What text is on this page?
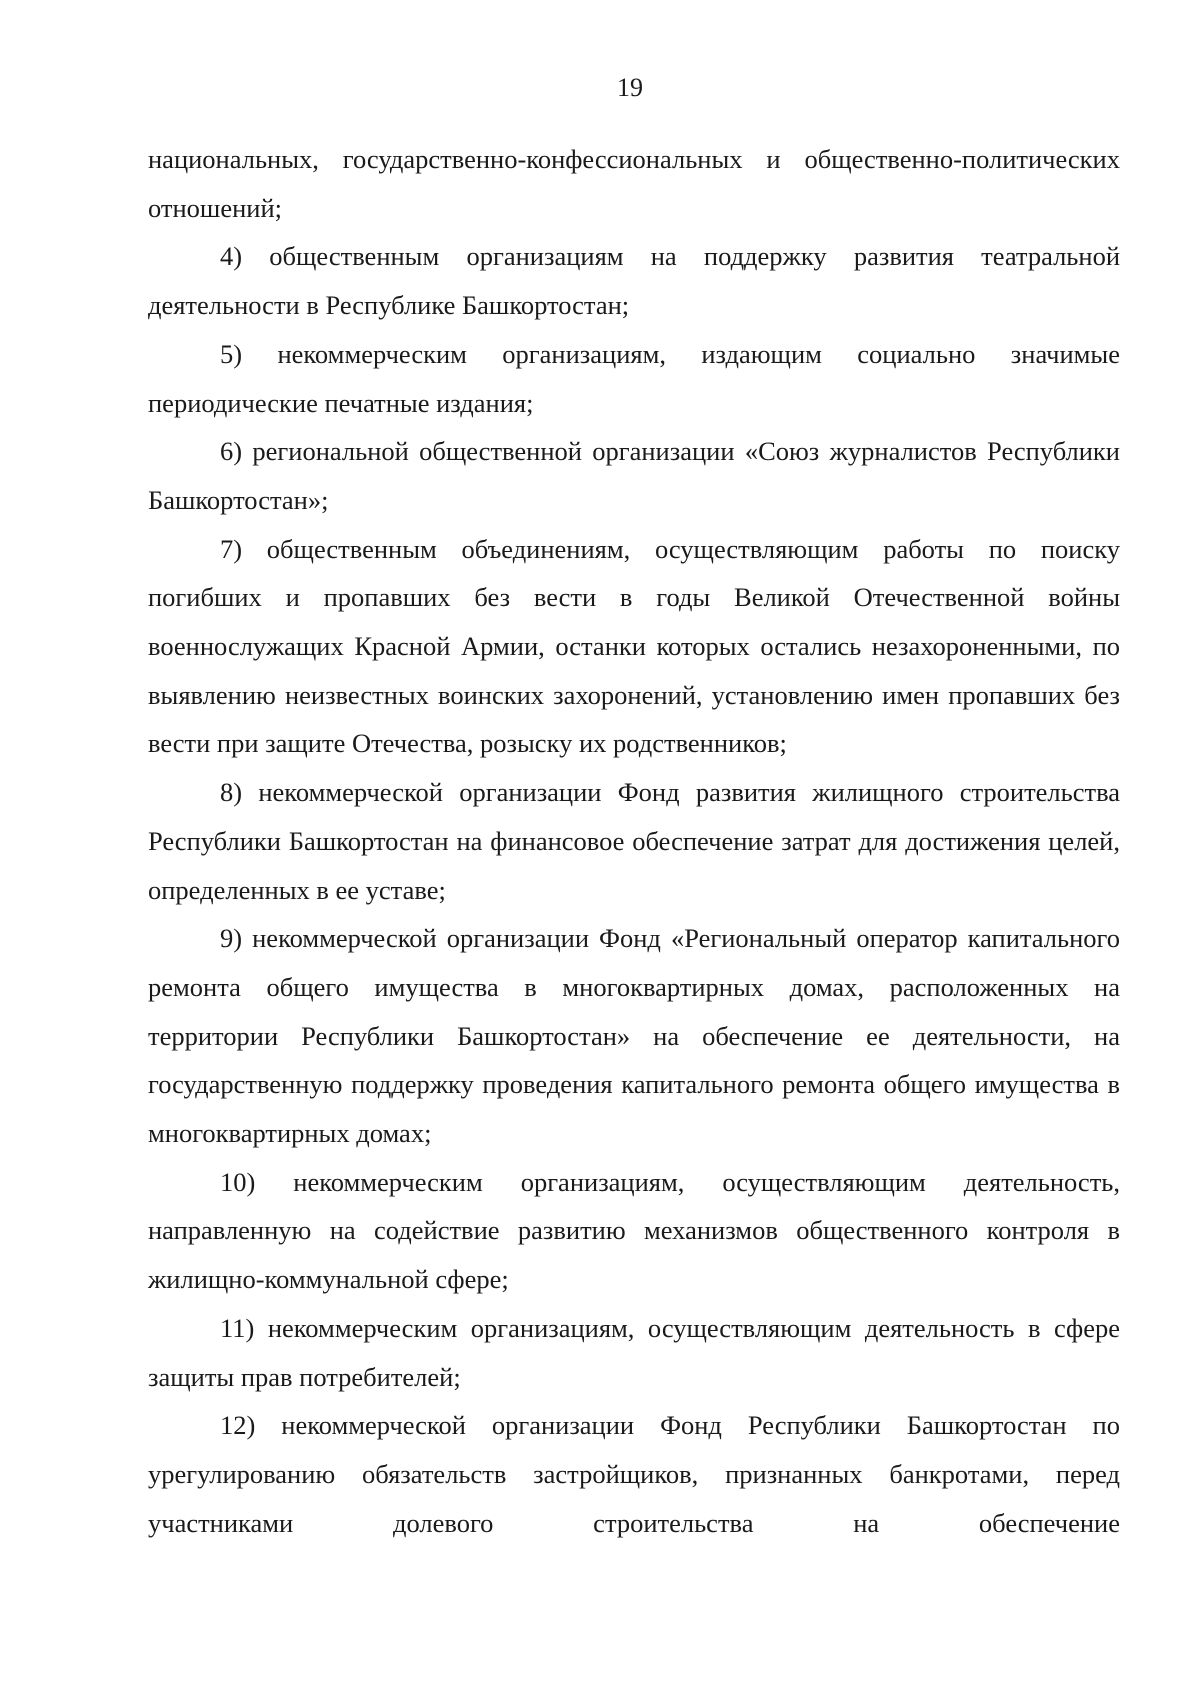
19

национальных, государственно-конфессиональных и общественно-политических отношений;

4) общественным организациям на поддержку развития театральной деятельности в Республике Башкортостан;

5) некоммерческим организациям, издающим социально значимые периодические печатные издания;

6) региональной общественной организации «Союз журналистов Республики Башкортостан»;

7) общественным объединениям, осуществляющим работы по поиску погибших и пропавших без вести в годы Великой Отечественной войны военнослужащих Красной Армии, останки которых остались незахороненными, по выявлению неизвестных воинских захоронений, установлению имен пропавших без вести при защите Отечества, розыску их родственников;

8) некоммерческой организации Фонд развития жилищного строительства Республики Башкортостан на финансовое обеспечение затрат для достижения целей, определенных в ее уставе;

9) некоммерческой организации Фонд «Региональный оператор капитального ремонта общего имущества в многоквартирных домах, расположенных на территории Республики Башкортостан» на обеспечение ее деятельности, на государственную поддержку проведения капитального ремонта общего имущества в многоквартирных домах;

10) некоммерческим организациям, осуществляющим деятельность, направленную на содействие развитию механизмов общественного контроля в жилищно-коммунальной сфере;

11) некоммерческим организациям, осуществляющим деятельность в сфере защиты прав потребителей;

12) некоммерческой организации Фонд Республики Башкортостан по урегулированию обязательств застройщиков, признанных банкротами, перед участниками долевого строительства на обеспечение
